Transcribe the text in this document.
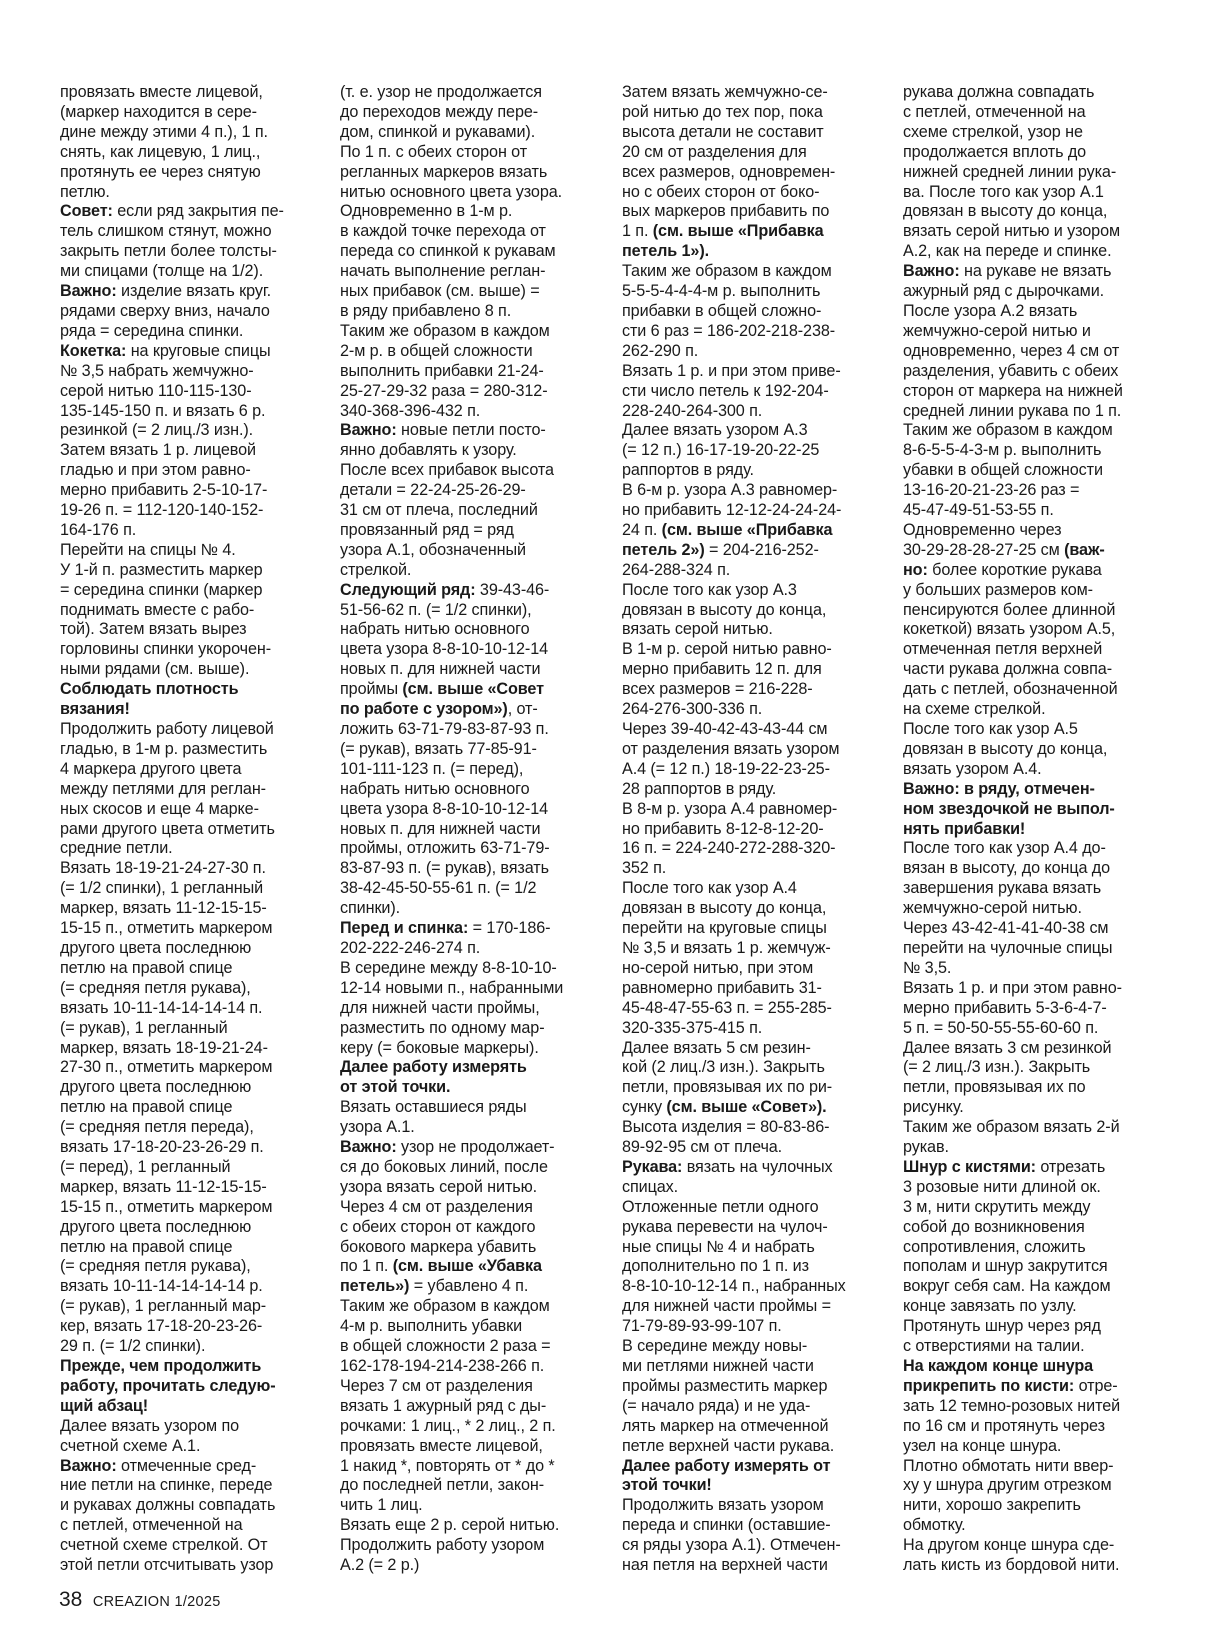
провязать вместе лицевой,

(маркер находится в сере-

дине между этими 4 п.), 1 п.

снять, как лицевую, 1 лиц.,

протянуть ее через снятую

петлю.

Совет: если ряд закрытия пе-

тель слишком стянут, можно

закрыть петли более толсты-

ми спицами (толще на 1/2).

Важно: изделие вязать круг.

рядами сверху вниз, начало

ряда = середина спинки.

Кокетка: на круговые спицы

№ 3,5 набрать жемчужно-

серой нитью 110-115-130-

135-145-150 п. и вязать 6 р.

резинкой (= 2 лиц./3 изн.).

Затем вязать 1 р. лицевой

гладью и при этом равно-

мерно прибавить 2-5-10-17-

19-26 п. = 112-120-140-152-

164-176 п.

Перейти на спицы № 4.

У 1-й п. разместить маркер

= середина спинки (маркер

поднимать вместе с рабо-

той). Затем вязать вырез

горловины спинки укорочен-

ными рядами (см. выше).

Соблюдать плотность

вязания!

Продолжить работу лицевой

гладью, в 1-м р. разместить

4 маркера другого цвета

между петлями для реглан-

ных скосов и еще 4 марке-

рами другого цвета отметить

средние петли.

Вязать 18-19-21-24-27-30 п.

(= 1/2 спинки), 1 регланный

маркер, вязать 11-12-15-15-

15-15 п., отметить маркером

другого цвета последнюю

петлю на правой спице

(= средняя петля рукава),

вязать 10-11-14-14-14-14 п.

(= рукав), 1 регланный

маркер, вязать 18-19-21-24-

27-30 п., отметить маркером

другого цвета последнюю

петлю на правой спице

(= средняя петля переда),

вязать 17-18-20-23-26-29 п.

(= перед), 1 регланный

маркер, вязать 11-12-15-15-

15-15 п., отметить маркером

другого цвета последнюю

петлю на правой спице

(= средняя петля рукава),

вязать 10-11-14-14-14-14 р.

(= рукав), 1 регланный мар-

кер, вязать 17-18-20-23-26-

29 п. (= 1/2 спинки).

Прежде, чем продолжить

работу, прочитать следую-

щий абзац!

Далее вязать узором по

счетной схеме А.1.

Важно: отмеченные сред-

ние петли на спинке, переде

и рукавах должны совпадать

с петлей, отмеченной на

счетной схеме стрелкой. От

этой петли отсчитывать узор

(т. е. узор не продолжается

до переходов между пере-

дом, спинкой и рукавами).

По 1 п. с обеих сторон от

регланных маркеров вязать

нитью основного цвета узора.

Одновременно в 1-м р.

в каждой точке перехода от

переда со спинкой к рукавам

начать выполнение реглан-

ных прибавок (см. выше) =

в ряду прибавлено 8 п.

Таким же образом в каждом

2-м р. в общей сложности

выполнить прибавки 21-24-

25-27-29-32 раза = 280-312-

340-368-396-432 п.

Важно: новые петли посто-

янно добавлять к узору.

После всех прибавок высота

детали = 22-24-25-26-29-

31 см от плеча, последний

провязанный ряд = ряд

узора А.1, обозначенный

стрелкой.

Следующий ряд: 39-43-46-

51-56-62 п. (= 1/2 спинки),

набрать нитью основного

цвета узора 8-8-10-10-12-14

новых п. для нижней части

проймы (см. выше «Совет

по работе с узором»), от-

ложить 63-71-79-83-87-93 п.

(= рукав), вязать 77-85-91-

101-111-123 п. (= перед),

набрать нитью основного

цвета узора 8-8-10-10-12-14

новых п. для нижней части

проймы, отложить 63-71-79-

83-87-93 п. (= рукав), вязать

38-42-45-50-55-61 п. (= 1/2

спинки).

Перед и спинка: = 170-186-

202-222-246-274 п.

В середине между 8-8-10-10-

12-14 новыми п., набранными

для нижней части проймы,

разместить по одному мар-

керу (= боковые маркеры).

Далее работу измерять

от этой точки.

Вязать оставшиеся ряды

узора А.1.

Важно: узор не продолжает-

ся до боковых линий, после

узора вязать серой нитью.

Через 4 см от разделения

с обеих сторон от каждого

бокового маркера убавить

по 1 п. (см. выше «Убавка

петель») = убавлено 4 п.

Таким же образом в каждом

4-м р. выполнить убавки

в общей сложности 2 раза =

162-178-194-214-238-266 п.

Через 7 см от разделения

вязать 1 ажурный ряд с ды-

рочками: 1 лиц., * 2 лиц., 2 п.

провязать вместе лицевой,

1 накид *, повторять от * до *

до последней петли, закон-

чить 1 лиц.

Вязать еще 2 р. серой нитью.

Продолжить работу узором

А.2 (= 2 р.)

Затем вязать жемчужно-се-

рой нитью до тех пор, пока

высота детали не составит

20 см от разделения для

всех размеров, одновремен-

но с обеих сторон от боко-

вых маркеров прибавить по

1 п. (см. выше «Прибавка

петель 1»).

Таким же образом в каждом

5-5-5-4-4-4-м р. выполнить

прибавки в общей сложно-

сти 6 раз = 186-202-218-238-

262-290 п.

Вязать 1 р. и при этом приве-

сти число петель к 192-204-

228-240-264-300 п.

Далее вязать узором А.3

(= 12 п.) 16-17-19-20-22-25

раппортов в ряду.

В 6-м р. узора А.3 равномер-

но прибавить 12-12-24-24-24-

24 п. (см. выше «Прибавка

петель 2») = 204-216-252-

264-288-324 п.

После того как узор А.3

довязан в высоту до конца,

вязать серой нитью.

В 1-м р. серой нитью равно-

мерно прибавить 12 п. для

всех размеров = 216-228-

264-276-300-336 п.

Через 39-40-42-43-43-44 см

от разделения вязать узором

А.4 (= 12 п.) 18-19-22-23-25-

28 раппортов в ряду.

В 8-м р. узора А.4 равномер-

но прибавить 8-12-8-12-20-

16 п. = 224-240-272-288-320-

352 п.

После того как узор А.4

довязан в высоту до конца,

перейти на круговые спицы

№ 3,5 и вязать 1 р. жемчуж-

но-серой нитью, при этом

равномерно прибавить 31-

45-48-47-55-63 п. = 255-285-

320-335-375-415 п.

Далее вязать 5 см резин-

кой (2 лиц./3 изн.). Закрыть

петли, провязывая их по ри-

сунку (см. выше «Совет»).

Высота изделия = 80-83-86-

89-92-95 см от плеча.

Рукава: вязать на чулочных

спицах.

Отложенные петли одного

рукава перевести на чулоч-

ные спицы № 4 и набрать

дополнительно по 1 п. из

8-8-10-10-12-14 п., набранных

для нижней части проймы =

71-79-89-93-99-107 п.

В середине между новы-

ми петлями нижней части

проймы разместить маркер

(= начало ряда) и не уда-

лять маркер на отмеченной

петле верхней части рукава.

Далее работу измерять от

этой точки!

Продолжить вязать узором

переда и спинки (оставшие-

ся ряды узора А.1). Отмечен-

ная петля на верхней части

рукава должна совпадать

с петлей, отмеченной на

схеме стрелкой, узор не

продолжается вплоть до

нижней средней линии рука-

ва. После того как узор А.1

довязан в высоту до конца,

вязать серой нитью и узором

А.2, как на переде и спинке.

Важно: на рукаве не вязать

ажурный ряд с дырочками.

После узора А.2 вязать

жемчужно-серой нитью и

одновременно, через 4 см от

разделения, убавить с обеих

сторон от маркера на нижней

средней линии рукава по 1 п.

Таким же образом в каждом

8-6-5-5-4-3-м р. выполнить

убавки в общей сложности

13-16-20-21-23-26 раз =

45-47-49-51-53-55 п.

Одновременно через

30-29-28-28-27-25 см (важ-

но: более короткие рукава

у больших размеров ком-

пенсируются более длинной

кокеткой) вязать узором А.5,

отмеченная петля верхней

части рукава должна совпа-

дать с петлей, обозначенной

на схеме стрелкой.

После того как узор А.5

довязан в высоту до конца,

вязать узором А.4.

Важно: в ряду, отмечен-

ном звездочкой не выпол-

нять прибавки!

После того как узор А.4 до-

вязан в высоту, до конца до

завершения рукава вязать

жемчужно-серой нитью.

Через 43-42-41-41-40-38 см

перейти на чулочные спицы

№ 3,5.

Вязать 1 р. и при этом равно-

мерно прибавить 5-3-6-4-7-

5 п. = 50-50-55-55-60-60 п.

Далее вязать 3 см резинкой

(= 2 лиц./3 изн.). Закрыть

петли, провязывая их по

рисунку.

Таким же образом вязать 2-й

рукав.

Шнур с кистями: отрезать

3 розовые нити длиной ок.

3 м, нити скрутить между

собой до возникновения

сопротивления, сложить

пополам и шнур закрутится

вокруг себя сам. На каждом

конце завязать по узлу.

Протянуть шнур через ряд

с отверстиями на талии.

На каждом конце шнура

прикрепить по кисти: отре-

зать 12 темно-розовых нитей

по 16 см и протянуть через

узел на конце шнура.

Плотно обмотать нити ввер-

ху у шнура другим отрезком

нити, хорошо закрепить

обмотку.

На другом конце шнура сде-

лать кисть из бордовой нити.

38 CREAZION 1/2025
